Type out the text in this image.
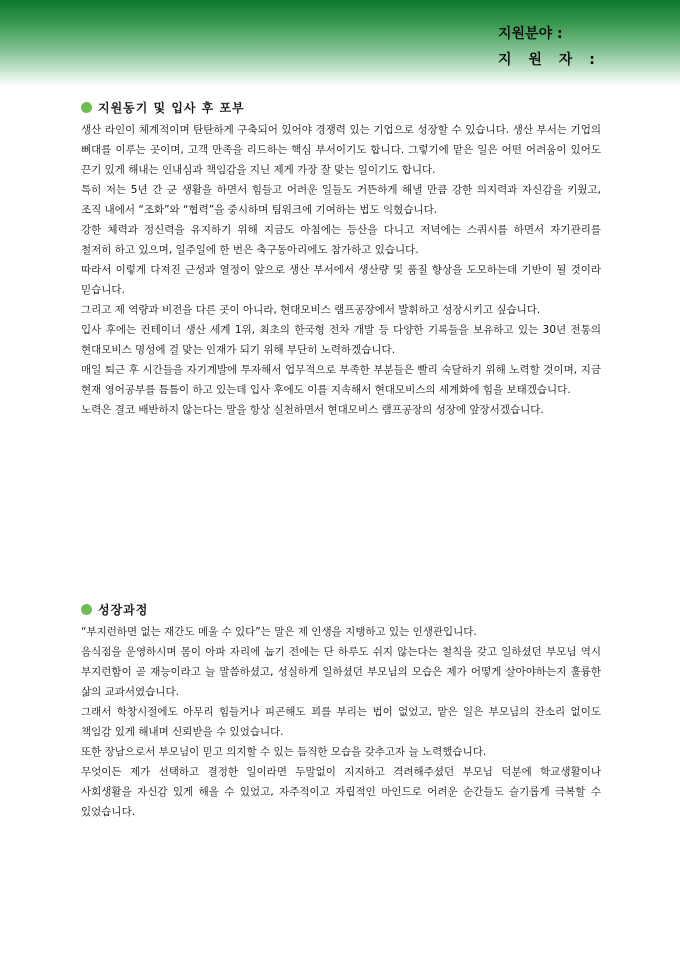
지원분야 :
지 원 자 :
지원동기 및 입사 후 포부

생산 라인이 체계적이며 탄탄하게 구축되어 있어야 경쟁력 있는 기업으로 성장할 수 있습니다. 생산 부서는 기업의 뼈대를 이루는 곳이며, 고객 만족을 리드하는 핵심 부서이기도 합니다. 그렇기에 맡은 일은 어떤 어려움이 있어도 끈기 있게 해내는 인내심과 책임감을 지닌 제게 가장 잘 맞는 일이기도 합니다.

특히 저는 5년 간 군 생활을 하면서 힘들고 어려운 일들도 거뜬하게 해낼 만큼 강한 의지력과 자신감을 키웠고, 조직 내에서 “조화”와 “협력”을 중시하며 팀워크에 기여하는 법도 익혔습니다.

강한 체력과 정신력을 유지하기 위해 지금도 아침에는 등산을 다니고 저녁에는 스쿼시를 하면서 자기관리를 철저히 하고 있으며, 일주일에 한 번은 축구동아리에도 참가하고 있습니다.

따라서 이렇게 다져진 근성과 열정이 앞으로 생산 부서에서 생산량 및 품질 향상을 도모하는데 기반이 될 것이라 믿습니다.

그리고 제 역량과 비전을 다른 곳이 아니라, 현대모비스 램프공장에서 발휘하고 성장시키고 싶습니다.

입사 후에는 컨테이너 생산 세계 1위, 최초의 한국형 전차 개발 등 다양한 기록들을 보유하고 있는 30년 전통의 현대모비스 명성에 걸 맞는 인재가 되기 위해 부단히 노력하겠습니다.

매일 퇴근 후 시간들을 자기계발에 투자해서 업무적으로 부족한 부분들은 빨리 숙달하기 위해 노력할 것이며, 지금 현재 영어공부를 틈틈이 하고 있는데 입사 후에도 이를 지속해서 현대모비스의 세계화에 힘을 보태겠습니다.

노력은 결코 배반하지 않는다는 말을 항상 실천하면서 현대모비스 램프공장의 성장에 앞장서겠습니다.

성장과정

“부지런하면 없는 재간도 메울 수 있다”는 말은 제 인생을 지탱하고 있는 인생관입니다.

음식점을 운영하시며 몸이 아파 자리에 눕기 전에는 단 하루도 쉬지 않는다는 철칙을 갖고 일하셨던 부모님 역시 부지런함이 곧 재능이라고 늘 말씀하셨고, 성실하게 일하셨던 부모님의 모습은 제가 어떻게 살아야하는지 훌륭한 삶의 교과서였습니다.

그래서 학창시절에도 아무리 힘들거나 피곤해도 꾀를 부리는 법이 없었고, 맡은 일은 부모님의 잔소리 없이도 책임감 있게 해내며 신뢰받을 수 있었습니다.

또한 장남으로서 부모님이 믿고 의지할 수 있는 듬직한 모습을 갖추고자 늘 노력했습니다.

무엇이든 제가 선택하고 결정한 일이라면 두말없이 지지하고 격려해주셨던 부모님 덕분에 학교생활이나 사회생활을 자신감 있게 해올 수 있었고, 자주적이고 자립적인 마인드로 어려운 순간들도 슬기롭게 극복할 수 있었습니다.
